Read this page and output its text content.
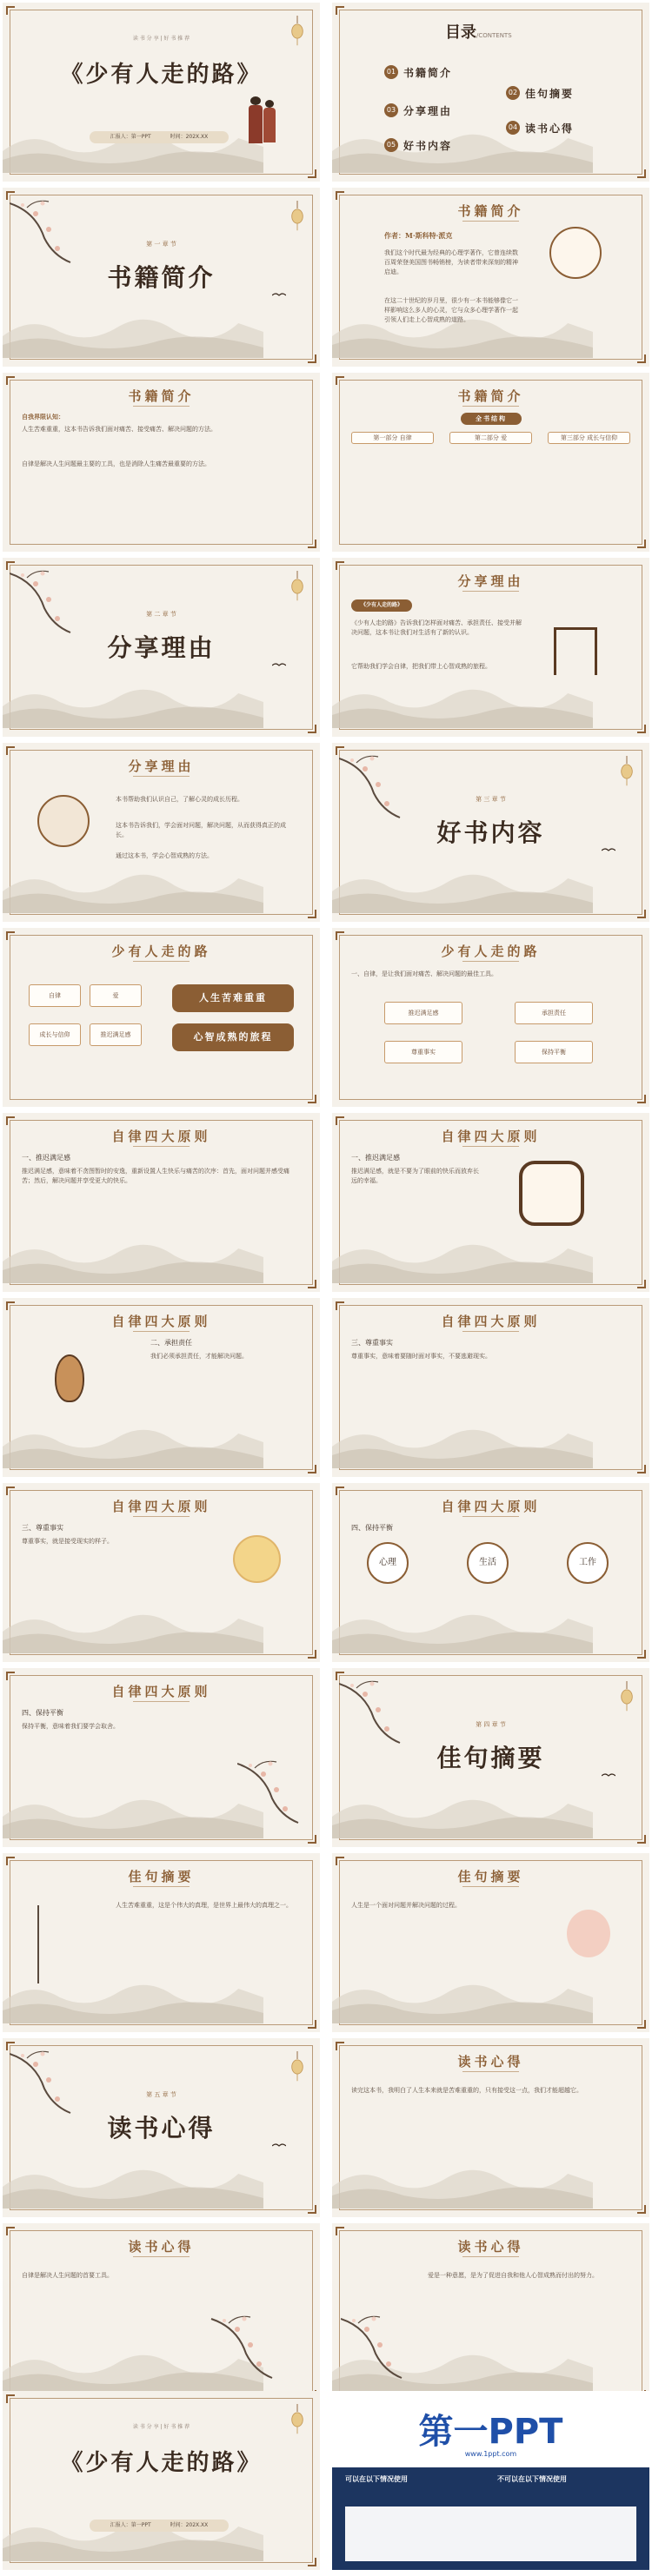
读 书 分 享 | 好 书 推 荐
《少有人走的路》
汇报人：第一PPT	时间：202X.XX
目录/CONTENTS
01 书籍简介
02 佳句摘要
03 分享理由
04 读书心得
05 好书内容
第 一 章 节
书籍简介
书籍简介
作者：M·斯科特·派克
我们这个时代最为经典的心理学著作，它曾连续数百周荣登美国图书畅销榜，为读者带来深刻的精神启迪。
在这二十世纪的岁月里，很少有一本书能够像它一样影响这么多人的心灵，它与众多心理学著作一起引领人们走上心智成熟的道路。
书籍简介
自我界限认知：
人生苦难重重，这本书告诉我们面对痛苦、接受痛苦、解决问题的方法。
自律是解决人生问题最主要的工具，也是消除人生痛苦最重要的方法。
书籍简介
全书结构
第一部分 自律	第二部分 爱	第三部分 成长与信仰
第 二 章 节
分享理由
分享理由
《少有人走的路》
《少有人走的路》告诉我们怎样面对痛苦、承担责任、接受并解决问题，这本书让我们对生活有了新的认识。
它帮助我们学会自律，把我们带上心智成熟的旅程。
分享理由
本书帮助我们认识自己，了解心灵的成长历程。
这本书告诉我们，学会面对问题，解决问题，从而获得真正的成长。
通过这本书，学会心智成熟的方法。
第 三 章 节
好书内容
少有人走的路
自律	爱
成长与信仰	推迟满足感
人生苦难重重
心智成熟的旅程
少有人走的路
一、自律，是让我们面对痛苦、解决问题的最佳工具。
推迟满足感	承担责任
尊重事实	保持平衡
自律四大原则
一、推迟满足感
推迟满足感，意味着不贪图暂时的安逸，重新设置人生快乐与痛苦的次序：首先，面对问题并感受痛苦；然后，解决问题并享受更大的快乐。
自律四大原则
一、推迟满足感
推迟满足感，就是不要为了眼前的快乐而放弃长远的幸福。
自律四大原则
二、承担责任
我们必须承担责任，才能解决问题。
自律四大原则
三、尊重事实
尊重事实，意味着要随时面对事实，不要逃避现实。
自律四大原则
三、尊重事实
尊重事实，就是接受现实的样子。
自律四大原则
四、保持平衡
心理	生活	工作
自律四大原则
四、保持平衡
保持平衡，意味着我们要学会取舍。	第 四 章 节
佳句摘要
佳句摘要
人生苦难重重，这是个伟大的真理，是世界上最伟大的真理之一。
佳句摘要
人生是一个面对问题并解决问题的过程。
第 五 章 节
读书心得
读书心得
读完这本书，我明白了人生本来就是苦难重重的，只有接受这一点，我们才能超越它。
读书心得
自律是解决人生问题的首要工具。
读书心得
爱是一种意愿，是为了促进自我和他人心智成熟而付出的努力。
读 书 分 享 | 好 书 推 荐
《少有人走的路》
汇报人：第一PPT	时间：202X.XX
第一PPT
www.1ppt.com
可以在以下情况使用	不可以在以下情况使用
